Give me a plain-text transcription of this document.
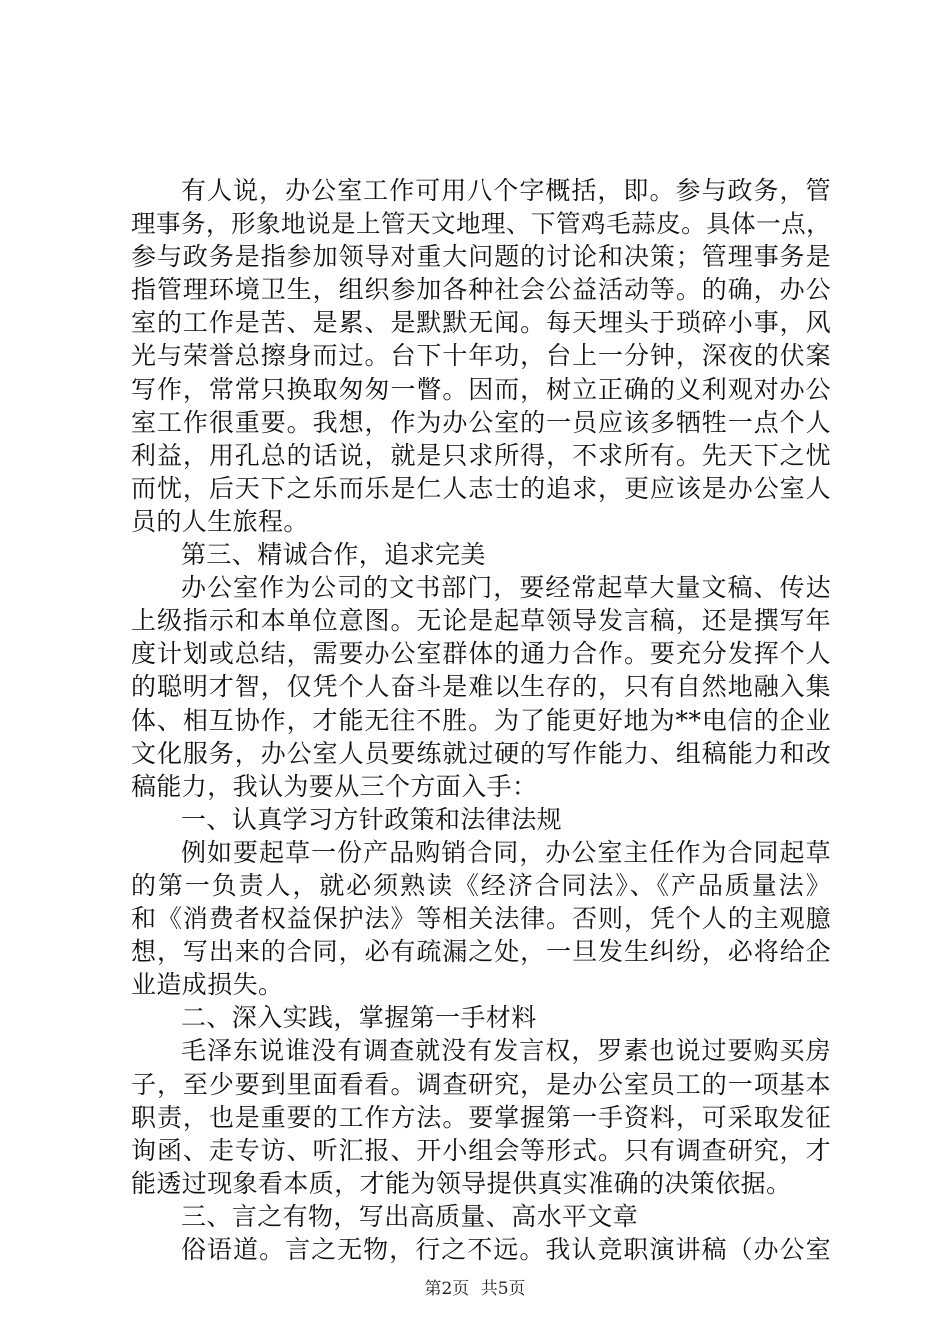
有人说，办公室工作可用八个字概括，即。参与政务，管
理事务，形象地说是上管天文地理、下管鸡毛蒜皮。具体一点，
参与政务是指参加领导对重大问题的讨论和决策；管理事务是
指管理环境卫生，组织参加各种社会公益活动等。的确，办公
室的工作是苦、是累、是默默无闻。每天埋头于琐碎小事，风
光与荣誉总擦身而过。台下十年功，台上一分钟，深夜的伏案
写作，常常只换取匆匆一瞥。因而，树立正确的义利观对办公
室工作很重要。我想，作为办公室的一员应该多牺牲一点个人
利益，用孔总的话说，就是只求所得，不求所有。先天下之忧
而忧，后天下之乐而乐是仁人志士的追求，更应该是办公室人
员的人生旅程。
第三、精诚合作，追求完美
办公室作为公司的文书部门，要经常起草大量文稿、传达
上级指示和本单位意图。无论是起草领导发言稿，还是撰写年
度计划或总结，需要办公室群体的通力合作。要充分发挥个人
的聪明才智，仅凭个人奋斗是难以生存的，只有自然地融入集
体、相互协作，才能无往不胜。为了能更好地为**电信的企业
文化服务，办公室人员要练就过硬的写作能力、组稿能力和改
稿能力，我认为要从三个方面入手：
一、认真学习方针政策和法律法规
例如要起草一份产品购销合同，办公室主任作为合同起草
的第一负责人，就必须熟读《经济合同法》、《产品质量法》
和《消费者权益保护法》等相关法律。否则，凭个人的主观臆
想，写出来的合同，必有疏漏之处，一旦发生纠纷，必将给企
业造成损失。
二、深入实践，掌握第一手材料
毛泽东说谁没有调查就没有发言权，罗素也说过要购买房
子，至少要到里面看看。调查研究，是办公室员工的一项基本
职责，也是重要的工作方法。要掌握第一手资料，可采取发征
询函、走专访、听汇报、开小组会等形式。只有调查研究，才
能透过现象看本质，才能为领导提供真实准确的决策依据。
三、言之有物，写出高质量、高水平文章
俗语道。言之无物，行之不远。我认竞职演讲稿（办公室
第2页 共5页
